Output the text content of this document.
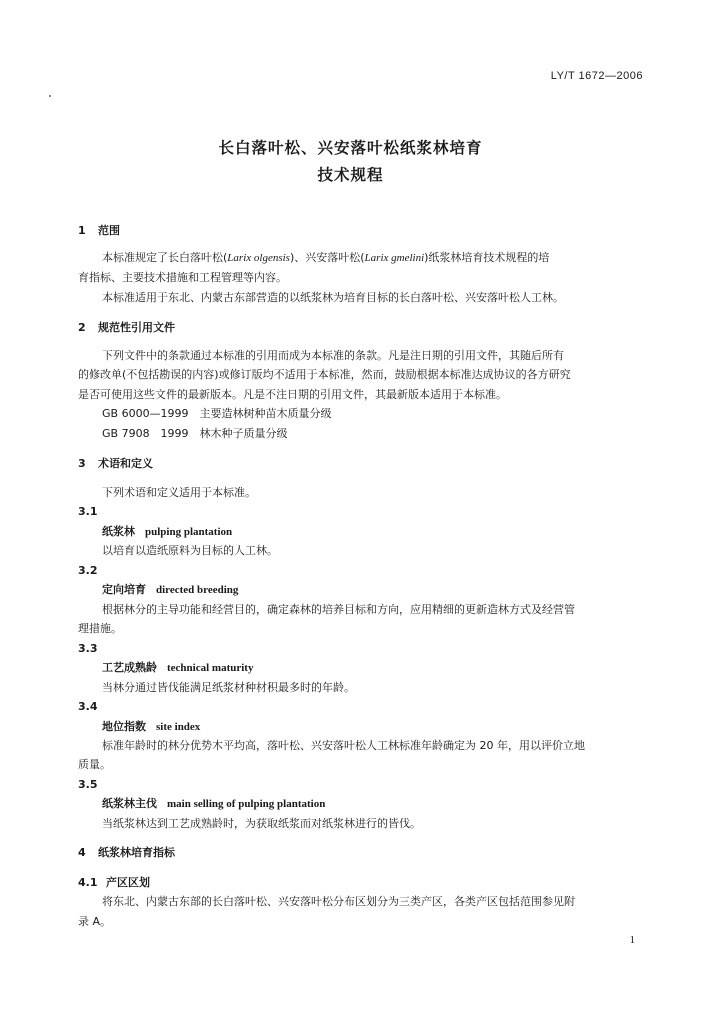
LY/T 1672—2006
长白落叶松、兴安落叶松纸浆林培育
技术规程
1 范围
本标准规定了长白落叶松(Larix olgensis)、兴安落叶松(Larix gmelini)纸浆林培育技术规程的培
育指标、主要技术措施和工程管理等内容。
本标准适用于东北、内蒙古东部营造的以纸浆林为培育目标的长白落叶松、兴安落叶松人工林。
2 规范性引用文件
下列文件中的条款通过本标准的引用而成为本标准的条款。凡是注日期的引用文件，其随后所有
的修改单(不包括勘误的内容)或修订版均不适用于本标准，然而，鼓励根据本标准达成协议的各方研究
是否可使用这些文件的最新版本。凡是不注日期的引用文件，其最新版本适用于本标准。
GB 6000—1999　主要造林树种苗木质量分级
GB 7908　1999　林木种子质量分级
3 术语和定义
下列术语和定义适用于本标准。
3.1
纸浆林 pulping plantation
以培育以造纸原料为目标的人工林。
3.2
定向培育 directed breeding
根据林分的主导功能和经营目的，确定森林的培养目标和方向，应用精细的更新造林方式及经营管
理措施。
3.3
工艺成熟龄 technical maturity
当林分通过皆伐能满足纸浆材种材积最多时的年龄。
3.4
地位指数 site index
标准年龄时的林分优势木平均高，落叶松、兴安落叶松人工林标准年龄确定为 20 年，用以评价立地
质量。
3.5
纸浆林主伐 main selling of pulping plantation
当纸浆林达到工艺成熟龄时，为获取纸浆而对纸浆林进行的皆伐。
4 纸浆林培育指标
4.1 产区区划
将东北、内蒙古东部的长白落叶松、兴安落叶松分布区划分为三类产区，各类产区包括范围参见附
录 A。
1
